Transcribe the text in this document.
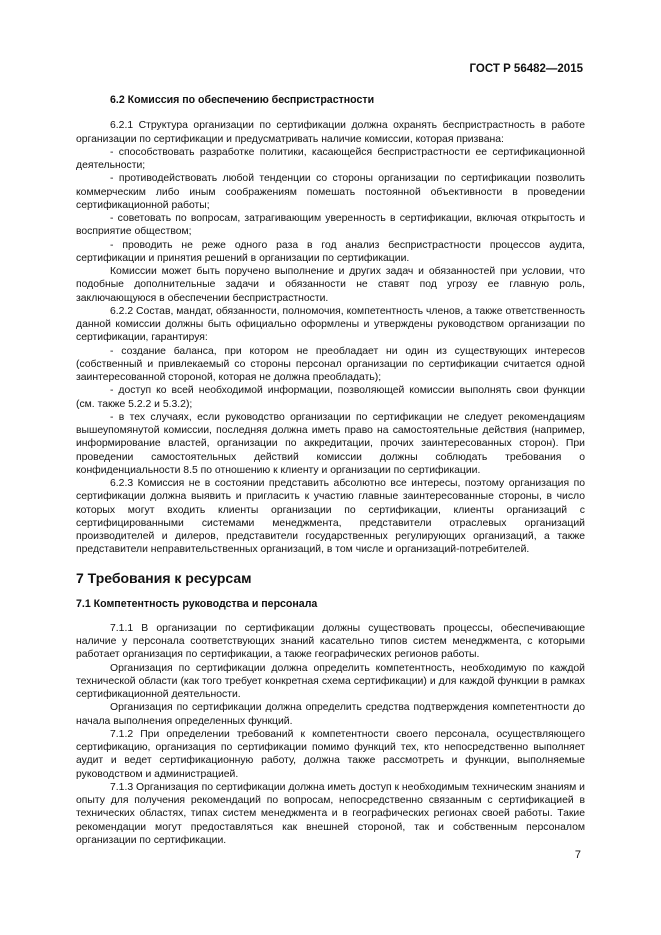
ГОСТ Р 56482—2015

6.2 Комиссия по обеспечению беспристрастности

6.2.1 Структура организации по сертификации должна охранять беспристрастность в работе организации по сертификации и предусматривать наличие комиссии, которая призвана:

- способствовать разработке политики, касающейся беспристрастности ее сертификационной деятельности;

- противодействовать любой тенденции со стороны организации по сертификации позволить коммерческим либо иным соображениям помешать постоянной объективности в проведении сертификационной работы;

- советовать по вопросам, затрагивающим уверенность в сертификации, включая открытость и восприятие обществом;

- проводить не реже одного раза в год анализ беспристрастности процессов аудита, сертификации и принятия решений в организации по сертификации.

Комиссии может быть поручено выполнение и других задач и обязанностей при условии, что подобные дополнительные задачи и обязанности не ставят под угрозу ее главную роль, заключающуюся в обеспечении беспристрастности.

6.2.2 Состав, мандат, обязанности, полномочия, компетентность членов, а также ответственность данной комиссии должны быть официально оформлены и утверждены руководством организации по сертификации, гарантируя:

- создание баланса, при котором не преобладает ни один из существующих интересов (собственный и привлекаемый со стороны персонал организации по сертификации считается одной заинтересованной стороной, которая не должна преобладать);

- доступ ко всей необходимой информации, позволяющей комиссии выполнять свои функции (см. также 5.2.2 и 5.3.2);

- в тех случаях, если руководство организации по сертификации не следует рекомендациям вышеупомянутой комиссии, последняя должна иметь право на самостоятельные действия (например, информирование властей, организации по аккредитации, прочих заинтересованных сторон). При проведении самостоятельных действий комиссии должны соблюдать требования о конфиденциальности 8.5 по отношению к клиенту и организации по сертификации.

6.2.3 Комиссия не в состоянии представить абсолютно все интересы, поэтому организация по сертификации должна выявить и пригласить к участию главные заинтересованные стороны, в число которых могут входить клиенты организации по сертификации, клиенты организаций с сертифицированными системами менеджмента, представители отраслевых организаций производителей и дилеров, представители государственных регулирующих организаций, а также представители неправительственных организаций, в том числе и организаций-потребителей.

7 Требования к ресурсам

7.1 Компетентность руководства и персонала

7.1.1 В организации по сертификации должны существовать процессы, обеспечивающие наличие у персонала соответствующих знаний касательно типов систем менеджмента, с которыми работает организация по сертификации, а также географических регионов работы.

Организация по сертификации должна определить компетентность, необходимую по каждой технической области (как того требует конкретная схема сертификации) и для каждой функции в рамках сертификационной деятельности.

Организация по сертификации должна определить средства подтверждения компетентности до начала выполнения определенных функций.

7.1.2 При определении требований к компетентности своего персонала, осуществляющего сертификацию, организация по сертификации помимо функций тех, кто непосредственно выполняет аудит и ведет сертификационную работу, должна также рассмотреть и функции, выполняемые руководством и администрацией.

7.1.3 Организация по сертификации должна иметь доступ к необходимым техническим знаниям и опыту для получения рекомендаций по вопросам, непосредственно связанным с сертификацией в технических областях, типах систем менеджмента и в географических регионах своей работы. Такие рекомендации могут предоставляться как внешней стороной, так и собственным персоналом организации по сертификации.

7
